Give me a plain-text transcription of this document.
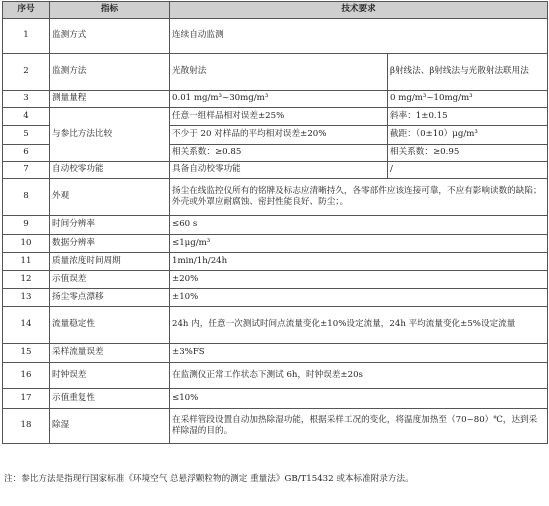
序号	指标	技术要求	
1	监测方式	连续自动监测	
2	监测方法	光散射法	β射线法、β射线法与光散射法联用法
3	测量量程	0.01 mg/m³~30mg/m³	0 mg/m³~10mg/m³
4	与参比方法比较	任意一组样品相对误差±25%	斜率：1±0.15
5		不少于 20 对样品的平均相对误差±20%	截距：（0±10）μg/m³
6		相关系数：≥0.85	相关系数：≥0.95
7	自动校零功能	具备自动校零功能	/
8	外观	扬尘在线监控仪所有的铭牌及标志应清晰持久，各零部件应该连接可靠，不应有影响读数的缺陷；外壳或外罩应耐腐蚀、密封性能良好、防尘；。	
9	时间分辨率	≤60 s	
10	数据分辨率	≤1μg/m³	
11	质量浓度时间周期	1min/1h/24h	
12	示值误差	±20%	
13	扬尘零点漂移	±10%	
14	流量稳定性	24h 内，任意一次测试时间点流量变化±10%设定流量，24h 平均流量变化±5%设定流量	
15	采样流量误差	±3%FS	
16	时钟误差	在监测仪正常工作状态下测试 6h，时钟误差±20s	
17	示值重复性	≤10%	
18	除湿	在采样管段设置自动加热除湿功能，根据采样工况的变化，将温度加热至（70~80）℃，达到采样除湿的目的。	
注：参比方法是指现行国家标准《环境空气 总悬浮颗粒物的测定 重量法》GB/T15432 或本标准附录方法。
